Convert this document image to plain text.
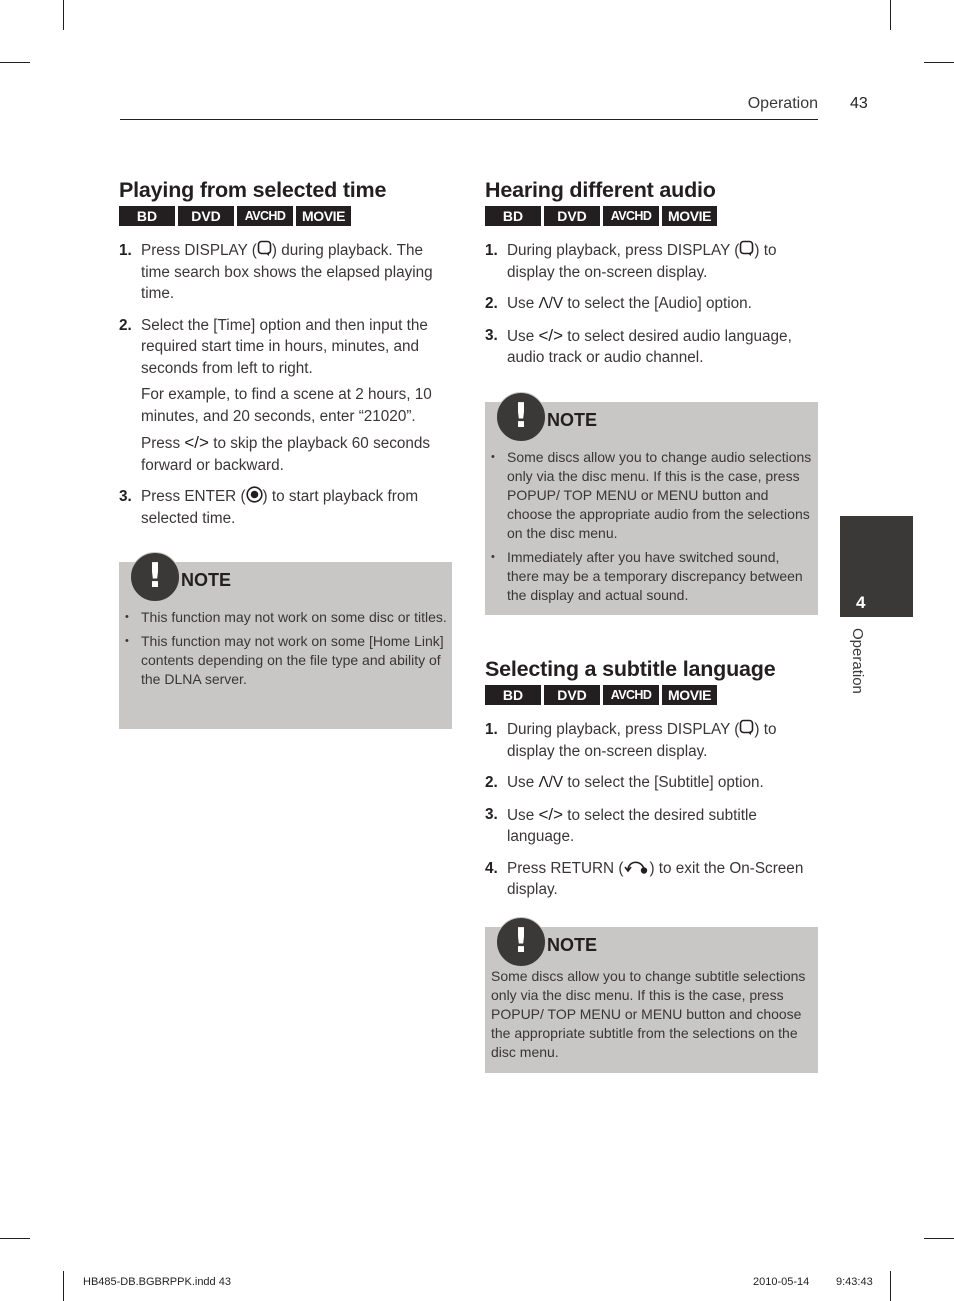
Operation 43
Playing from selected time
BD	DVD	AVCHD	MOVIE
1. Press DISPLAY ( ) during playback. The time search box shows the elapsed playing time.
2. Select the [Time] option and then input the required start time in hours, minutes, and seconds from left to right.

For example, to find a scene at 2 hours, 10 minutes, and 20 seconds, enter “21020”.

Press </> to skip the playback 60 seconds forward or backward.

3. Press ENTER ( ) to start playback from selected time.
!	NOTE
• This function may not work on some disc or titles.
• This function may not work on some [Home Link] contents depending on the file type and ability of the DLNA server.
Hearing different audio
BD	DVD	AVCHD	MOVIE
1. During playback, press DISPLAY ( ) to display the on-screen display.
2. Use Λ/V to select the [Audio] option.
3. Use </> to select desired audio language, audio track or audio channel.
!	NOTE
• Some discs allow you to change audio selections only via the disc menu. If this is the case, press POPUP/ TOP MENU or MENU button and choose the appropriate audio from the selections on the disc menu.
• Immediately after you have switched sound, there may be a temporary discrepancy between the display and actual sound.
Selecting a subtitle language
BD	DVD	AVCHD	MOVIE
1. During playback, press DISPLAY ( ) to display the on-screen display.
2. Use Λ/V to select the [Subtitle] option.
3. Use </> to select the desired subtitle language.
4. Press RETURN ( ) to exit the On-Screen display.
!	NOTE
Some discs allow you to change subtitle selections only via the disc menu. If this is the case, press POPUP/ TOP MENU or MENU button and choose the appropriate subtitle from the selections on the disc menu.
4
Operation
HB485-DB.BGBRPPK.indd 43	2010-05-14 9:43:43
